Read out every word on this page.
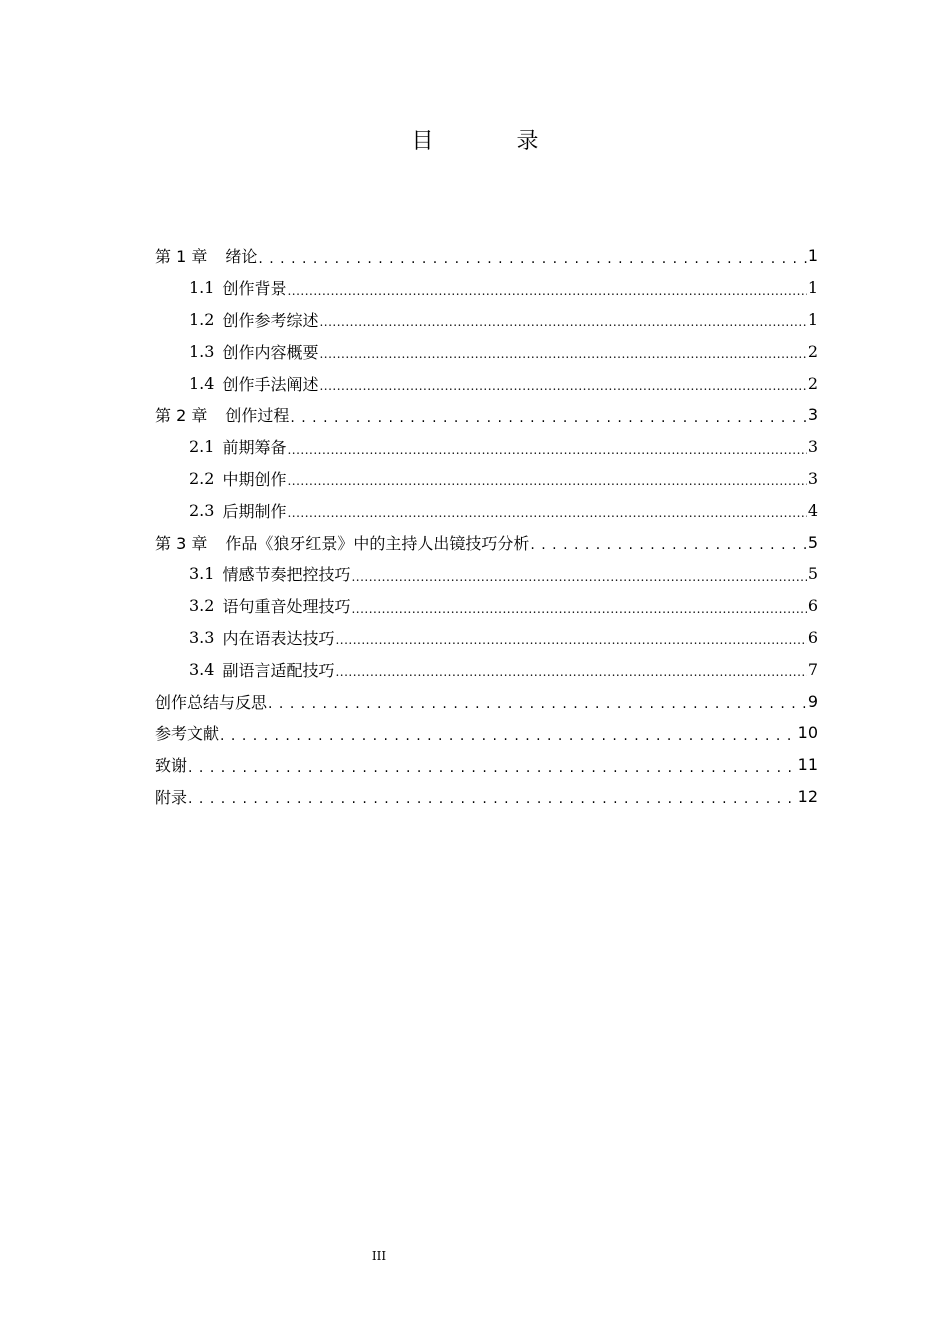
目 录
第 1 章 绪论 . . .	1
1.1 创作背景 .....	1
1.2 创作参考综述 .....	1
1.3 创作内容概要 .....	2
1.4 创作手法阐述 .....	2
第 2 章 创作过程 . . .	3
2.1 前期筹备 .....	3
2.2 中期创作 .....	3
2.3 后期制作 .....	4
第 3 章 作品《狼牙红景》中的主持人出镜技巧分析 . . .	5
3.1 情感节奏把控技巧 .....	5
3.2 语句重音处理技巧 .....	6
3.3 内在语表达技巧 .....	6
3.4 副语言适配技巧 .....	7
创作总结与反思 . . .	9
参考文献 . . .	10
致谢 . . .	11
附录 . . .	12
III
